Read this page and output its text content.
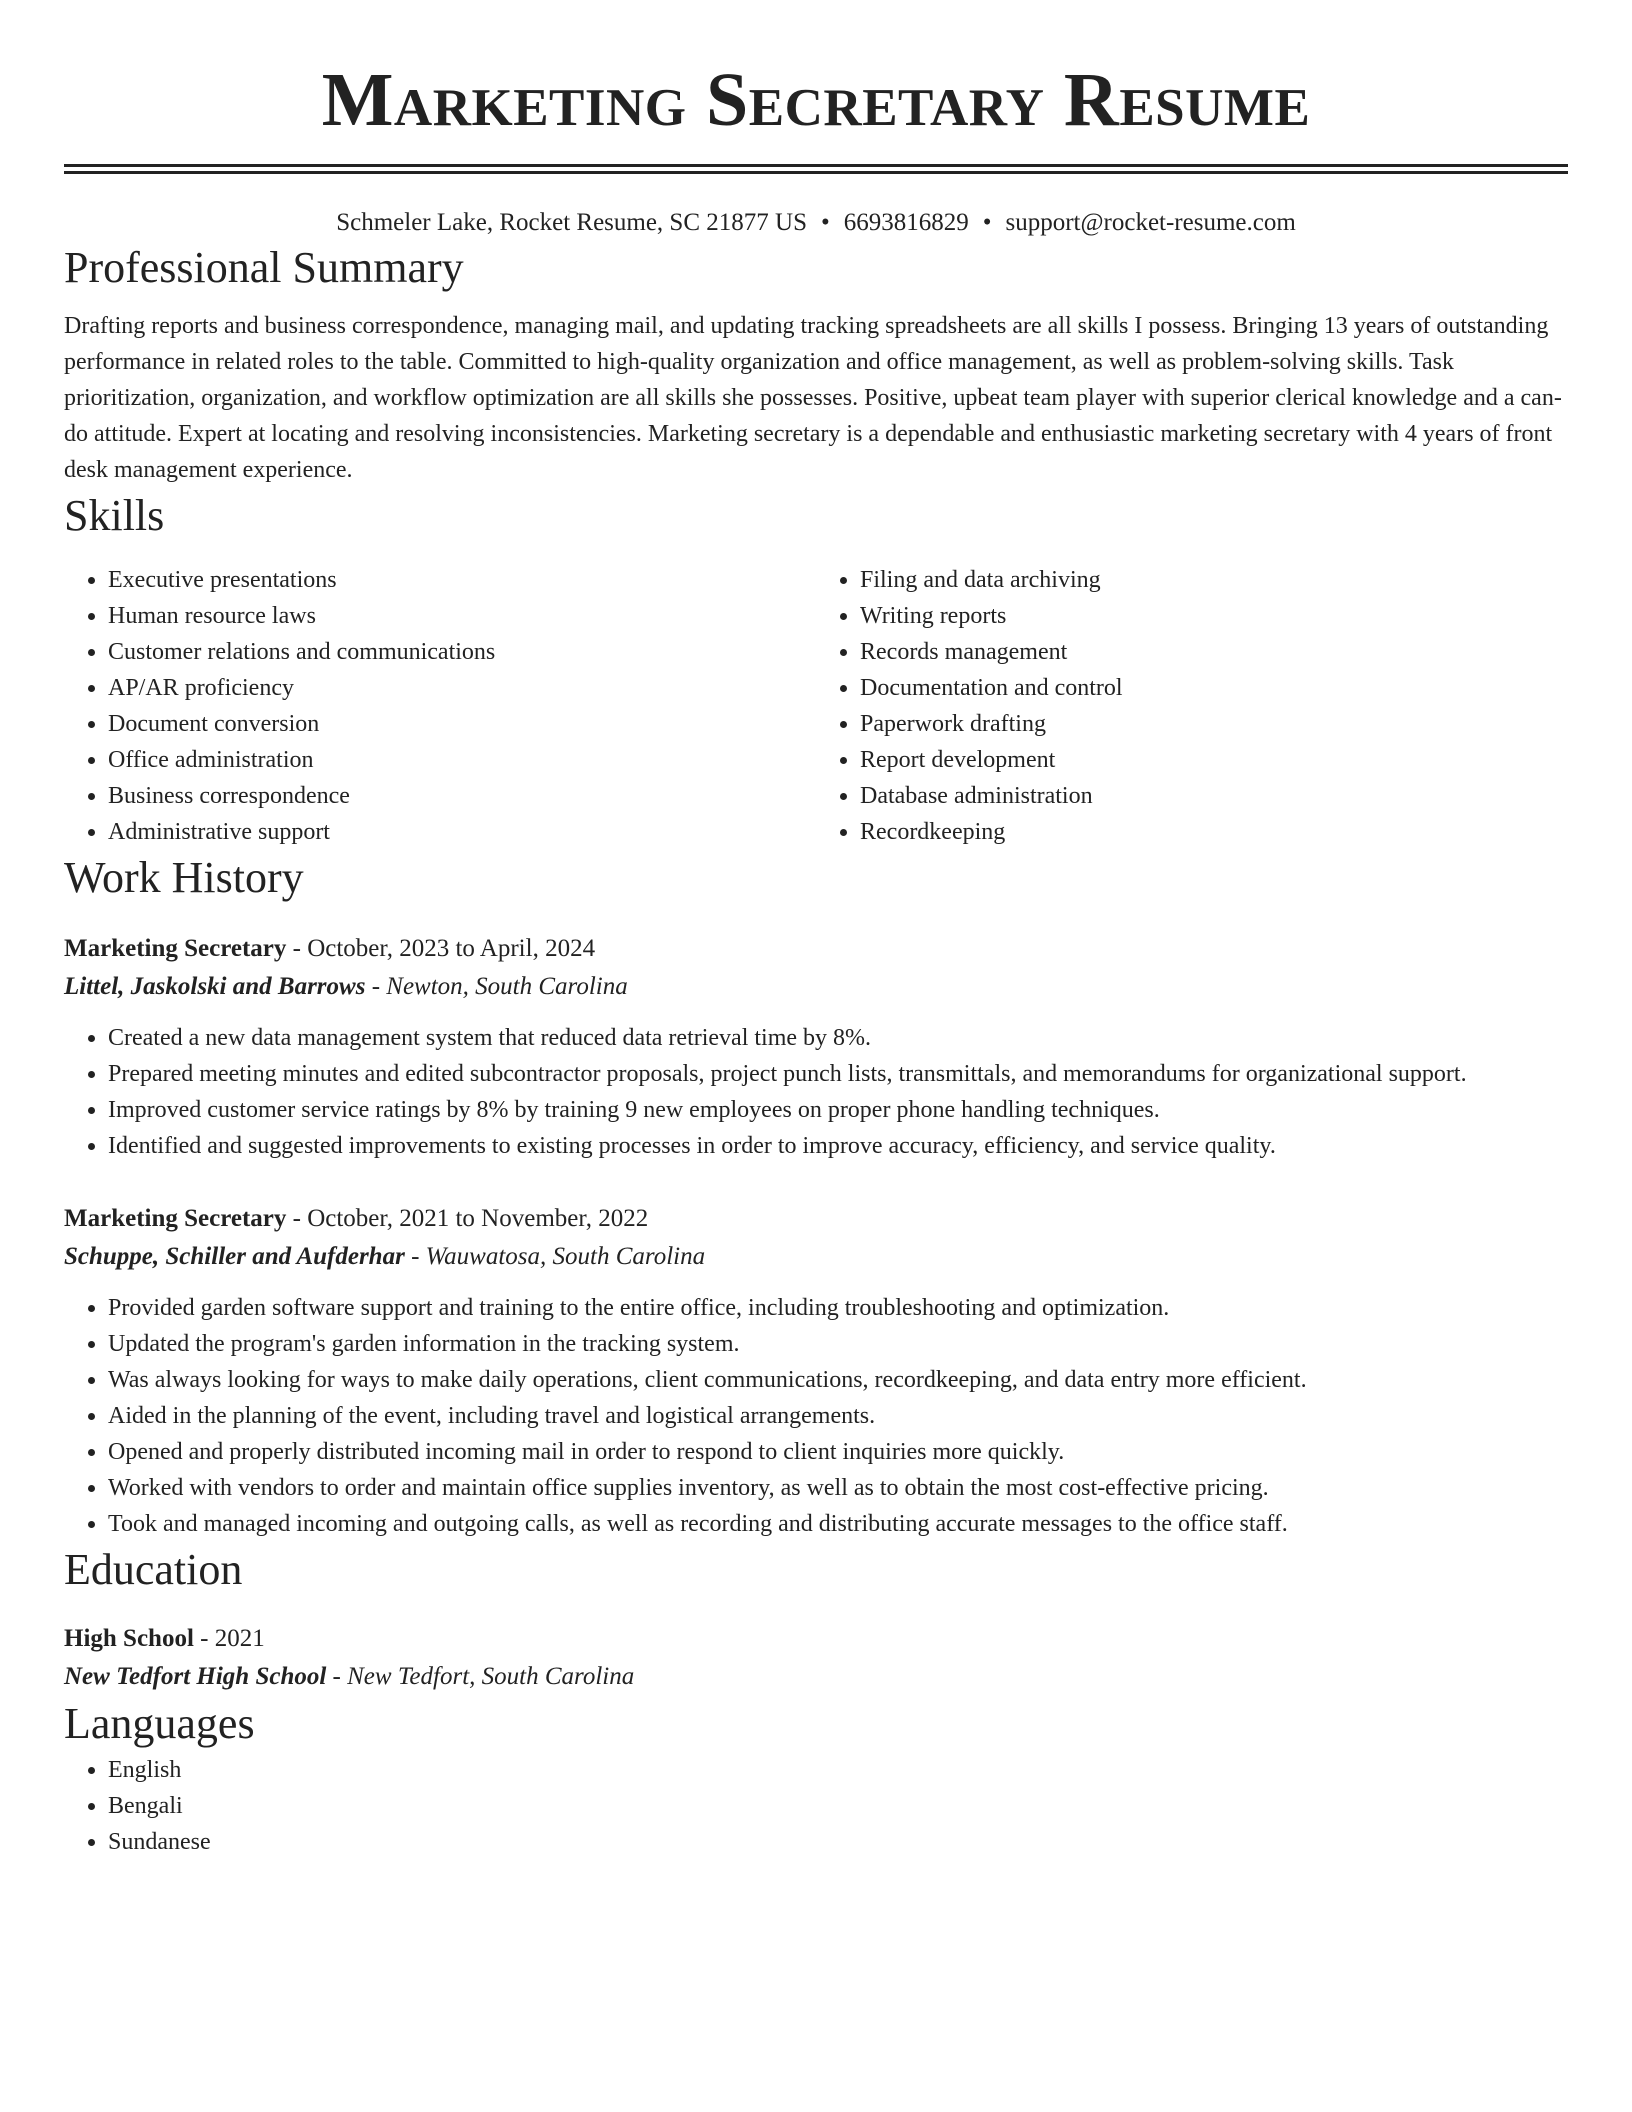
Marketing Secretary Resume
Schmeler Lake, Rocket Resume, SC 21877 US • 6693816829 • support@rocket-resume.com
Professional Summary

Drafting reports and business correspondence, managing mail, and updating tracking spreadsheets are all skills I possess. Bringing 13 years of outstanding performance in related roles to the table. Committed to high-quality organization and office management, as well as problem-solving skills. Task prioritization, organization, and workflow optimization are all skills she possesses. Positive, upbeat team player with superior clerical knowledge and a can-do attitude. Expert at locating and resolving inconsistencies. Marketing secretary is a dependable and enthusiastic marketing secretary with 4 years of front desk management experience.

Skills
• Executive presentations
• Human resource laws
• Customer relations and communications
• AP/AR proficiency
• Document conversion
• Office administration
• Business correspondence
• Administrative support
• Filing and data archiving
• Writing reports
• Records management
• Documentation and control
• Paperwork drafting
• Report development
• Database administration
• Recordkeeping
Work History
Marketing Secretary - October, 2023 to April, 2024
Littel, Jaskolski and Barrows - Newton, South Carolina
• Created a new data management system that reduced data retrieval time by 8%.
• Prepared meeting minutes and edited subcontractor proposals, project punch lists, transmittals, and memorandums for organizational support.
• Improved customer service ratings by 8% by training 9 new employees on proper phone handling techniques.
• Identified and suggested improvements to existing processes in order to improve accuracy, efficiency, and service quality.
Marketing Secretary - October, 2021 to November, 2022
Schuppe, Schiller and Aufderhar - Wauwatosa, South Carolina
• Provided garden software support and training to the entire office, including troubleshooting and optimization.
• Updated the program's garden information in the tracking system.
• Was always looking for ways to make daily operations, client communications, recordkeeping, and data entry more efficient.
• Aided in the planning of the event, including travel and logistical arrangements.
• Opened and properly distributed incoming mail in order to respond to client inquiries more quickly.
• Worked with vendors to order and maintain office supplies inventory, as well as to obtain the most cost-effective pricing.
• Took and managed incoming and outgoing calls, as well as recording and distributing accurate messages to the office staff.
Education
High School - 2021
New Tedfort High School - New Tedfort, South Carolina
Languages
• English
• Bengali
• Sundanese
